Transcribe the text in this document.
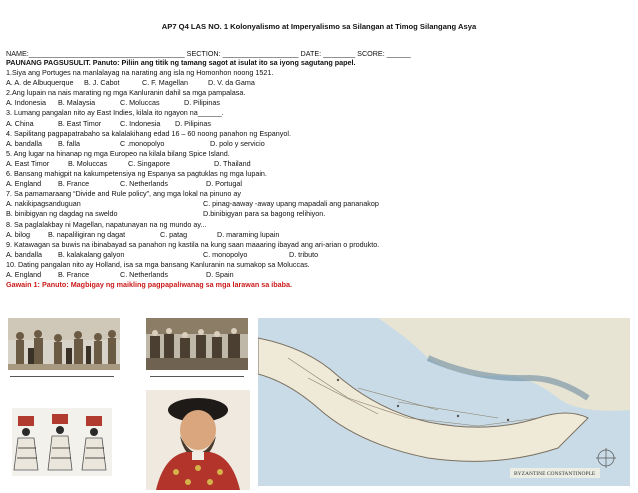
AP7 Q4 LAS NO. 1 Kolonyalismo at Imperyalismo sa Silangan at Timog Silangang Asya
NAME:_______________________________________ SECTION: ___________________ DATE: ________ SCORE: ______
PAUNANG PAGSUSULIT. Panuto: Piliin ang titik ng tamang sagot at isulat ito sa iyong sagutang papel.
1.Siya ang Portuges na manlalayag na narating ang isla ng Homonhon noong 1521.
A. A. de Albuquerque B. J. Cabot	C. F. Magellan	D. V. da Gama
2.Ang lupain na nais marating ng mga Kanluranin dahil sa mga pampalasa.
A. Indonesia B. Malaysia	C. Moluccas	D. Pilipinas
3. Lumang pangalan nito ay East Indies, kilala ito ngayon na______.
A. China	B. East Timor	C. Indonesia D. Pilipinas
4. Sapilitang pagpapatrabaho sa kalalakihang edad 16 – 60 noong panahon ng Espanyol.
A. bandalla B. falla	C .monopolyo	D. polo y servicio
5. Ang lugar na hinanap ng mga Europeo na kilala bilang Spice Island.
A. East Timor	B. Moluccas	C. Singapore	D. Thailand
6. Bansang mahigpit na kakumpetensiya ng Espanya sa pagtuklas ng mga lupain.
A. England B. France	C. Netherlands	D. Portugal
7. Sa pamamaraang “Divide and Rule policy”, ang mga lokal na pinuno ay
A. nakikipagsanduguan	C. pinag-aaway -away upang mapadali ang pananakop
B. binibigyan ng dagdag na sweldo	D.binibigyan para sa bagong relihiyon.
8. Sa paglalakbay ni Magellan, napatunayan na ng mundo ay...
A. bilog	B. napaliligiran ng dagat	C. patag	D. maraming lupain
9. Katawagan sa buwis na ibinabayad sa panahon ng kastila na kung saan maaaring ibayad ang ari-arian o produkto.
A. bandalla B. kalakalang galyon	C. monopolyo	D. tributo
10. Dating pangalan nito ay Holland, isa sa mga bansang Kanluranin na sumakop sa Moluccas.
A. England B. France	C. Netherlands	D. Spain
Gawain 1: Panuto: Magbigay ng maikling pagpapaliwanag sa mga larawan sa ibaba.
BYZANTINE CONSTANTINOPLE
